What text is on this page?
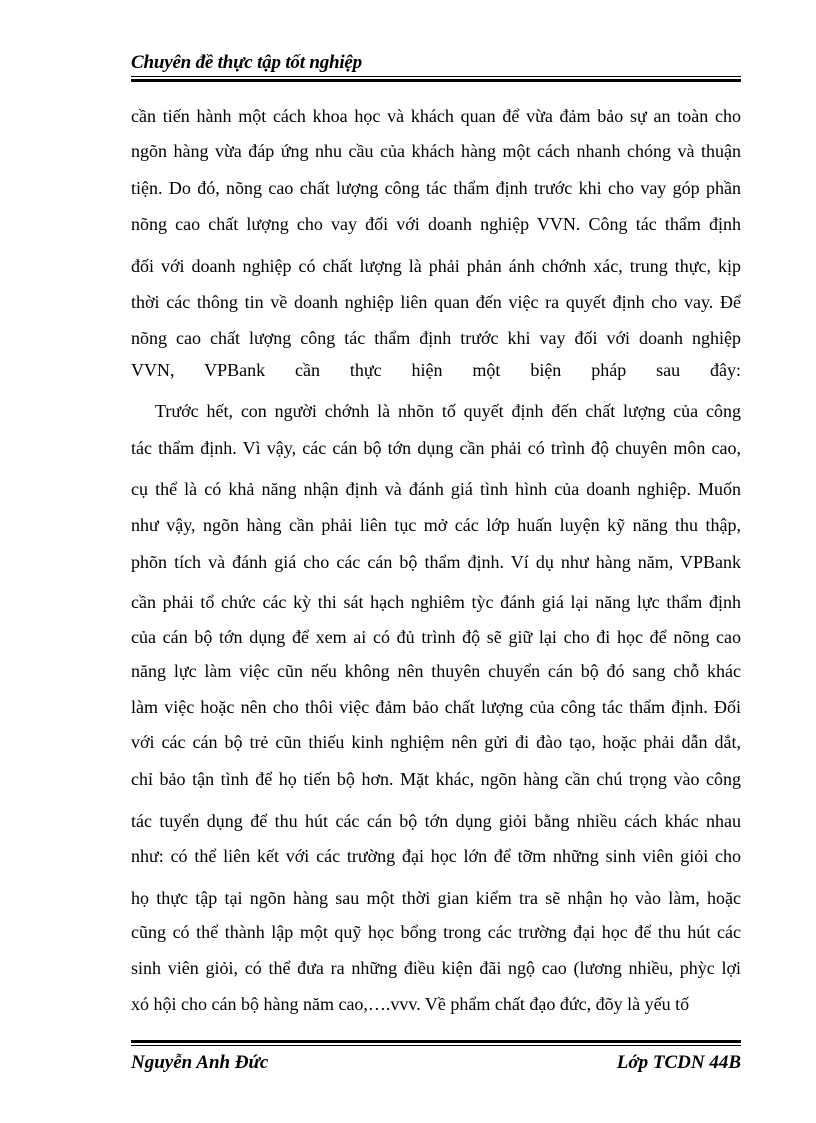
Chuyên đề thực tập tốt nghiệp
cần tiến hành một cách khoa học và khách quan để vừa đảm bảo sự an toàn cho
ngõn hàng vừa đáp ứng nhu cầu của khách hàng một cách nhanh chóng và thuận
tiện. Do đó, nõng cao chất lượng công tác thẩm định trước khi cho vay góp phần
nõng cao chất lượng cho vay đối với doanh nghiệp VVN. Công tác thẩm định
đối với doanh nghiệp có chất lượng là phải phản ánh chớnh xác, trung thực, kịp
thời các thông tin về doanh nghiệp liên quan đến việc ra quyết định cho vay. Để
nõng cao chất lượng công tác thẩm định trước khi vay đối với doanh nghiệp
VVN, VPBank cần thực hiện một biện pháp sau đây:
Trước hết, con người chớnh là nhõn tố quyết định đến chất lượng của công
tác thẩm định. Vì vậy, các cán bộ tớn dụng cần phải có trình độ chuyên môn cao,
cụ thể là có khả năng nhận định và đánh giá tình hình của doanh nghiệp. Muốn
như vậy, ngõn hàng cần phải liên tục mở các lớp huấn luyện kỹ năng thu thập,
phõn tích và đánh giá cho các cán bộ thẩm định. Ví dụ như hàng năm, VPBank
cần phải tổ chức các kỳ thi sát hạch nghiêm tỳc đánh giá lại năng lực thẩm định
của cán bộ tớn dụng để xem ai có đủ trình độ sẽ giữ lại cho đi học để nõng cao
năng lực làm việc cũn nếu không nên thuyên chuyển cán bộ đó sang chỗ khác
làm việc hoặc nên cho thôi việc đảm bảo chất lượng của công tác thẩm định. Đối
với các cán bộ trẻ cũn thiếu kinh nghiệm nên gửi đi đào tạo, hoặc phải dẫn dắt,
chỉ bảo tận tình để họ tiến bộ hơn. Mặt khác, ngõn hàng cần chú trọng vào công
tác tuyển dụng để thu hút các cán bộ tớn dụng giỏi bằng nhiều cách khác nhau
như: có thể liên kết với các trường đại học lớn để tỡm những sinh viên giỏi cho
họ thực tập tại ngõn hàng sau một thời gian kiểm tra sẽ nhận họ vào làm, hoặc
cũng có thể thành lập một quỹ học bổng trong các trường đại học để thu hút các
sinh viên giỏi, có thể đưa ra những điều kiện đãi ngộ cao (lương nhiều, phỳc lợi
xó hội cho cán bộ hàng năm cao,….vvv. Về phẩm chất đạo đức, đõy là yếu tố
Nguyễn Anh Đức	Lớp TCDN 44B
